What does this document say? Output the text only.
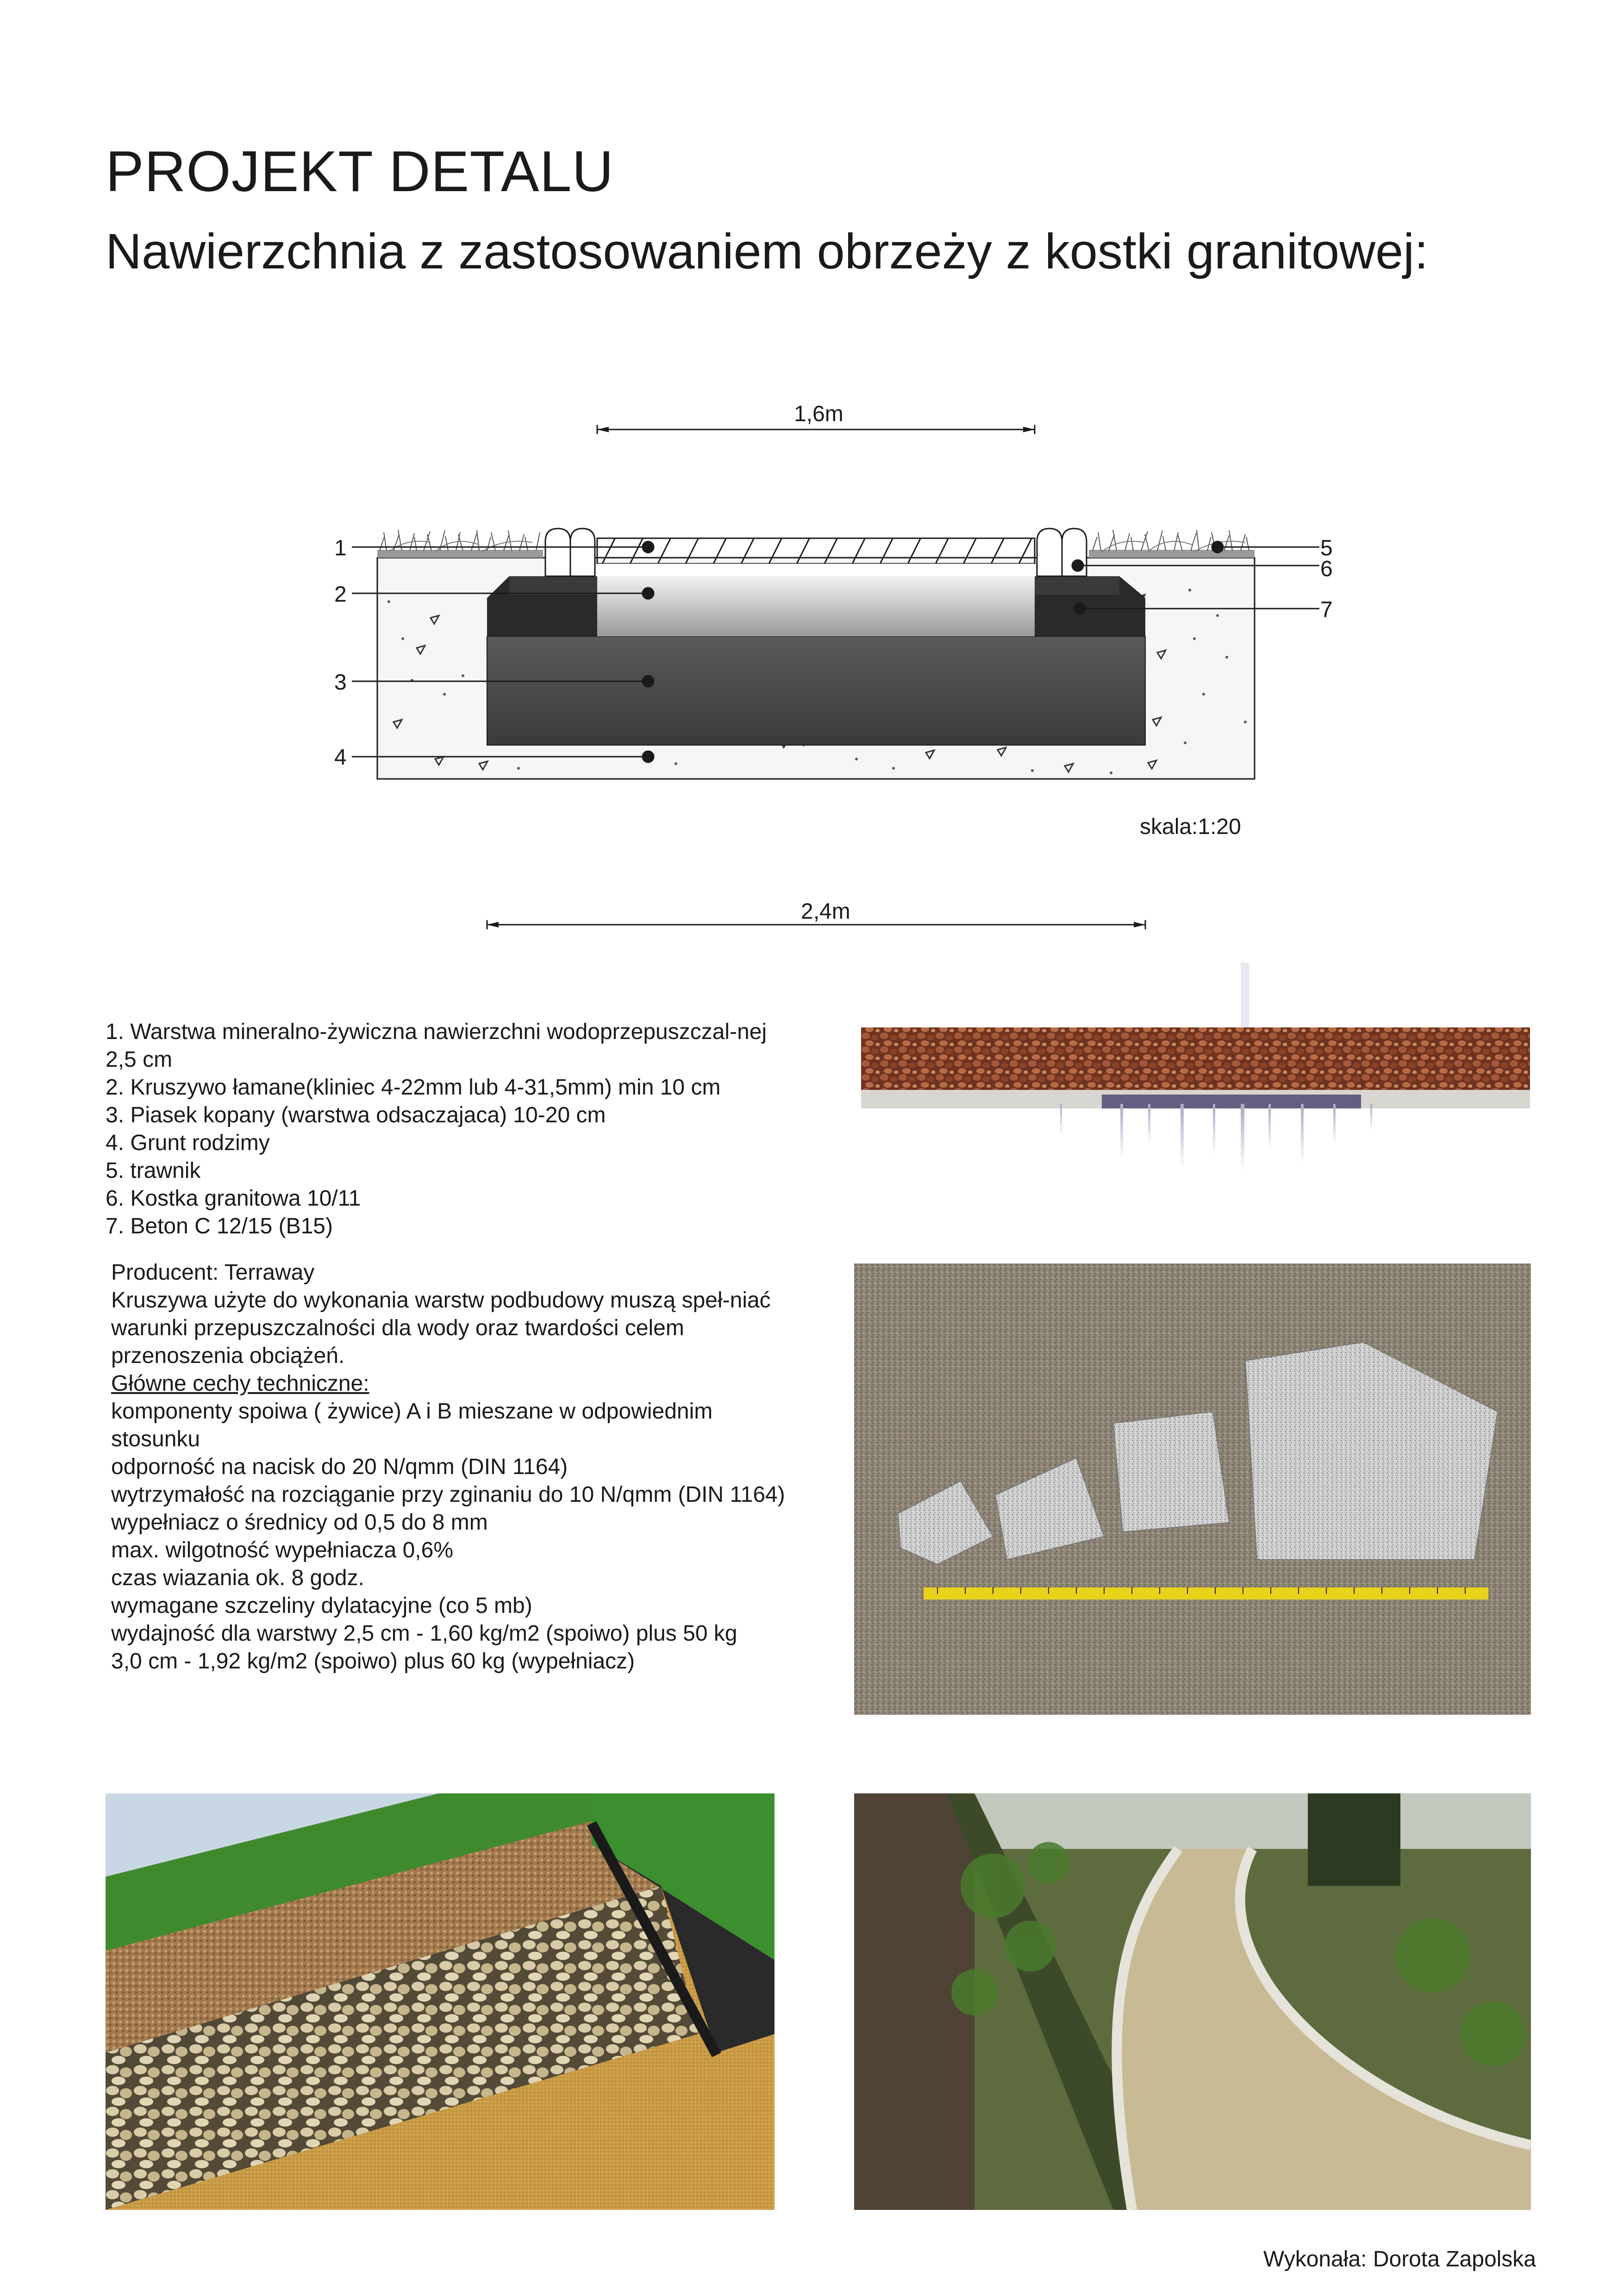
PROJEKT DETALU
Nawierzchnia z zastosowaniem obrzeży z kostki granitowej:
1,6m
1
2
3
4
5
6
7
skala:1:20
2,4m
1. Warstwa mineralno-żywiczna nawierzchni wodoprzepuszczal-nej 2,5 cm
2. Kruszywo łamane(kliniec 4-22mm lub 4-31,5mm) min 10 cm
3. Piasek kopany (warstwa odsaczajaca) 10-20 cm
4. Grunt rodzimy
5. trawnik
6. Kostka granitowa 10/11
7. Beton C 12/15 (B15)
Producent: Terraway
Kruszywa użyte do wykonania warstw podbudowy muszą speł-niać warunki przepuszczalności dla wody oraz twardości celem przenoszenia obciążeń.
Główne cechy techniczne:
komponenty spoiwa ( żywice) A i B mieszane w odpowiednim stosunku
odporność na nacisk do 20 N/qmm (DIN 1164)
wytrzymałość na rozciąganie przy zginaniu do 10 N/qmm (DIN 1164)
wypełniacz o średnicy od 0,5 do 8 mm
max. wilgotność wypełniacza 0,6%
czas wiazania ok. 8 godz.
wymagane szczeliny dylatacyjne (co 5 mb)
wydajność dla warstwy 2,5 cm - 1,60 kg/m2 (spoiwo) plus 50 kg
3,0 cm - 1,92 kg/m2 (spoiwo) plus 60 kg (wypełniacz)
Wykonała: Dorota Zapolska
